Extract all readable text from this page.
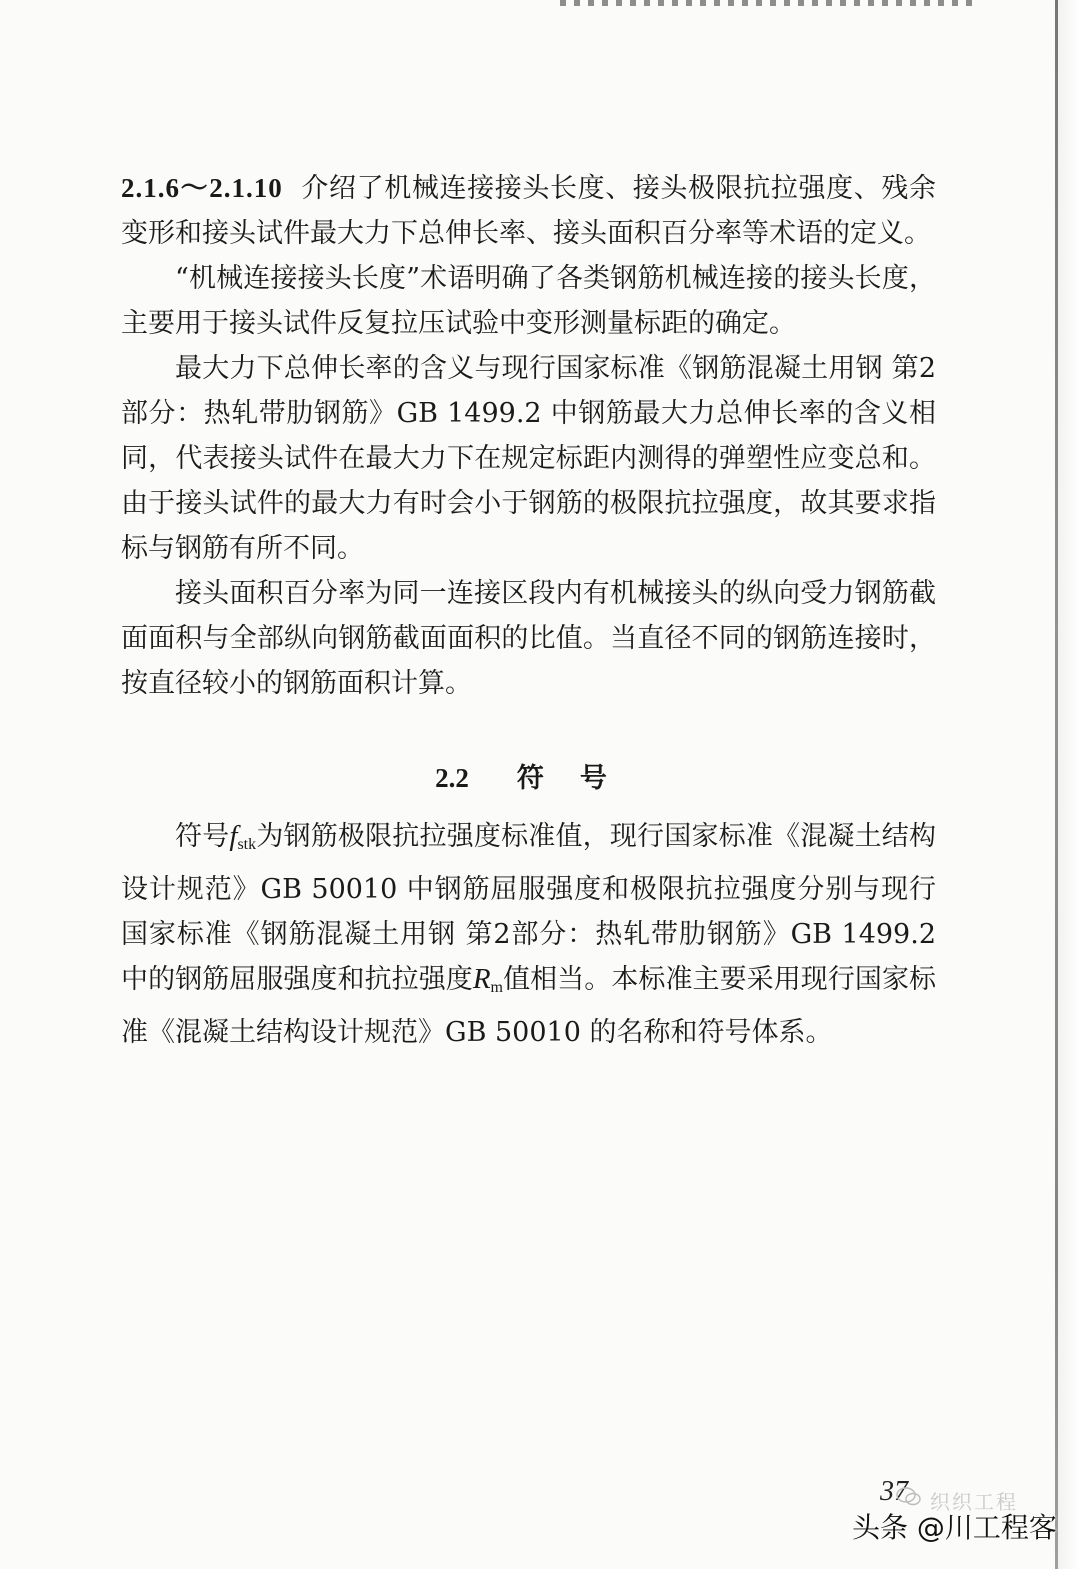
2.1.6～2.1.10 介绍了机械连接接头长度、接头极限抗拉强度、残余变形和接头试件最大力下总伸长率、接头面积百分率等术语的定义。

“机械连接接头长度”术语明确了各类钢筋机械连接的接头长度，主要用于接头试件反复拉压试验中变形测量标距的确定。

最大力下总伸长率的含义与现行国家标准《钢筋混凝土用钢 第2部分：热轧带肋钢筋》GB 1499.2 中钢筋最大力总伸长率的含义相同，代表接头试件在最大力下在规定标距内测得的弹塑性应变总和。由于接头试件的最大力有时会小于钢筋的极限抗拉强度，故其要求指标与钢筋有所不同。

接头面积百分率为同一连接区段内有机械接头的纵向受力钢筋截面面积与全部纵向钢筋截面面积的比值。当直径不同的钢筋连接时，按直径较小的钢筋面积计算。

2.2 符 号

符号$f_{stk}$为钢筋极限抗拉强度标准值，现行国家标准《混凝土结构设计规范》GB 50010 中钢筋屈服强度和极限抗拉强度分别与现行国家标准《钢筋混凝土用钢 第2部分：热轧带肋钢筋》GB 1499.2 中的钢筋屈服强度和抗拉强度$R_m$值相当。本标准主要采用现行国家标准《混凝土结构设计规范》GB 50010 的名称和符号体系。

37 织织工程
头条 @川工程客
